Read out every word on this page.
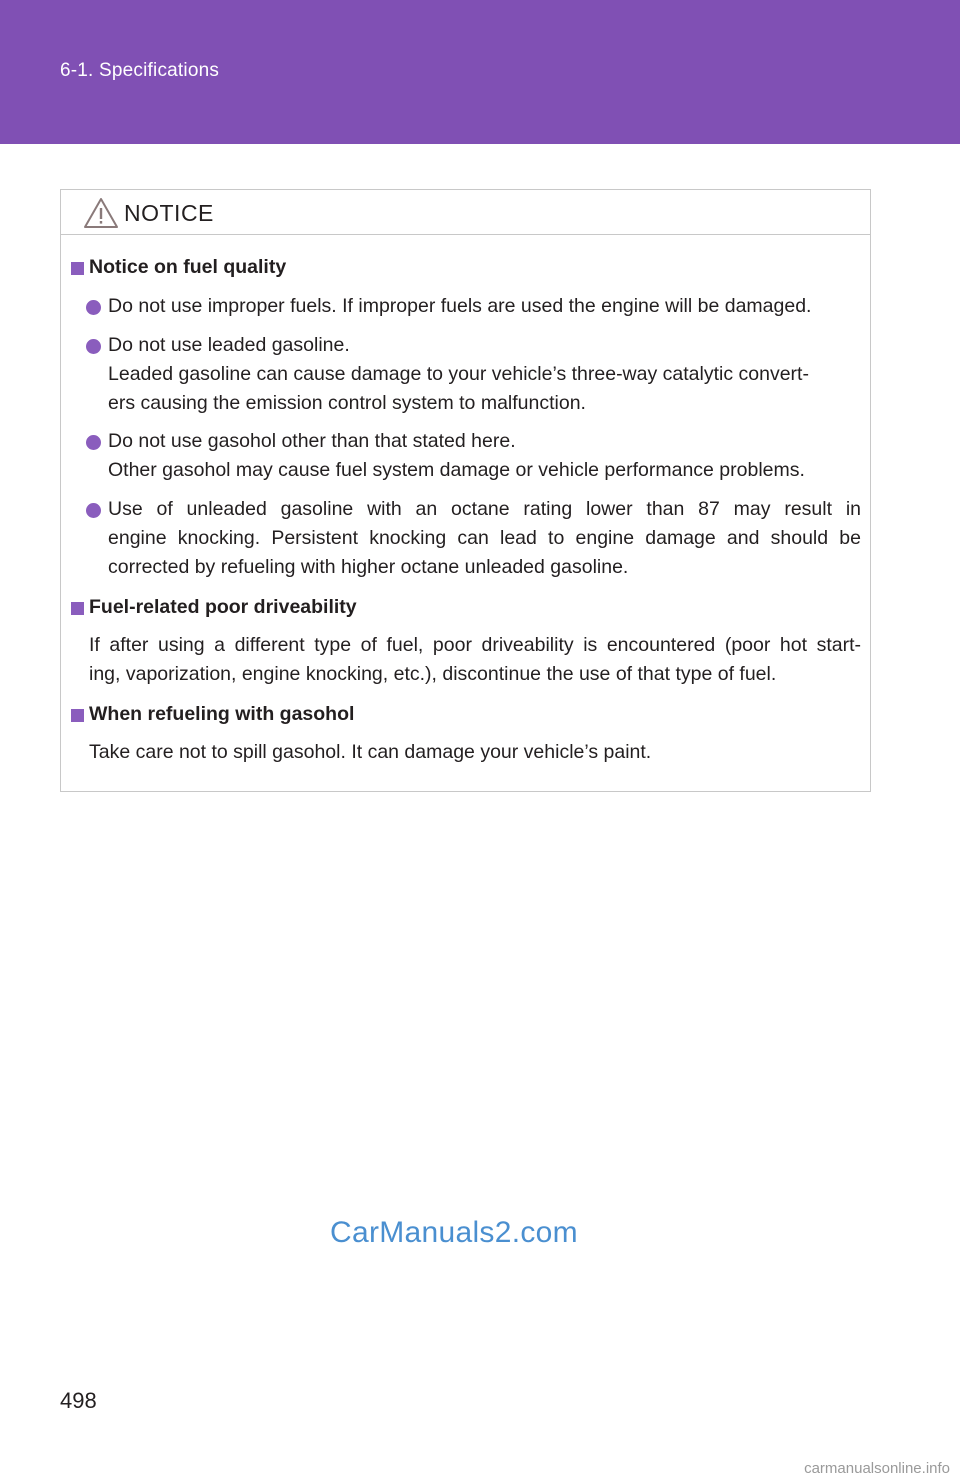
6-1. Specifications
NOTICE
Notice on fuel quality
Do not use improper fuels. If improper fuels are used the engine will be damaged.
Do not use leaded gasoline.
Leaded gasoline can cause damage to your vehicle’s three-way catalytic convert-
ers causing the emission control system to malfunction.
Do not use gasohol other than that stated here.
Other gasohol may cause fuel system damage or vehicle performance problems.
Use of unleaded gasoline with an octane rating lower than 87 may result in
engine knocking. Persistent knocking can lead to engine damage and should be
corrected by refueling with higher octane unleaded gasoline.
Fuel-related poor driveability
If after using a different type of fuel, poor driveability is encountered (poor hot start-
ing, vaporization, engine knocking, etc.), discontinue the use of that type of fuel.
When refueling with gasohol
Take care not to spill gasohol. It can damage your vehicle’s paint.
CarManuals2.com
498
carmanualsonline.info
